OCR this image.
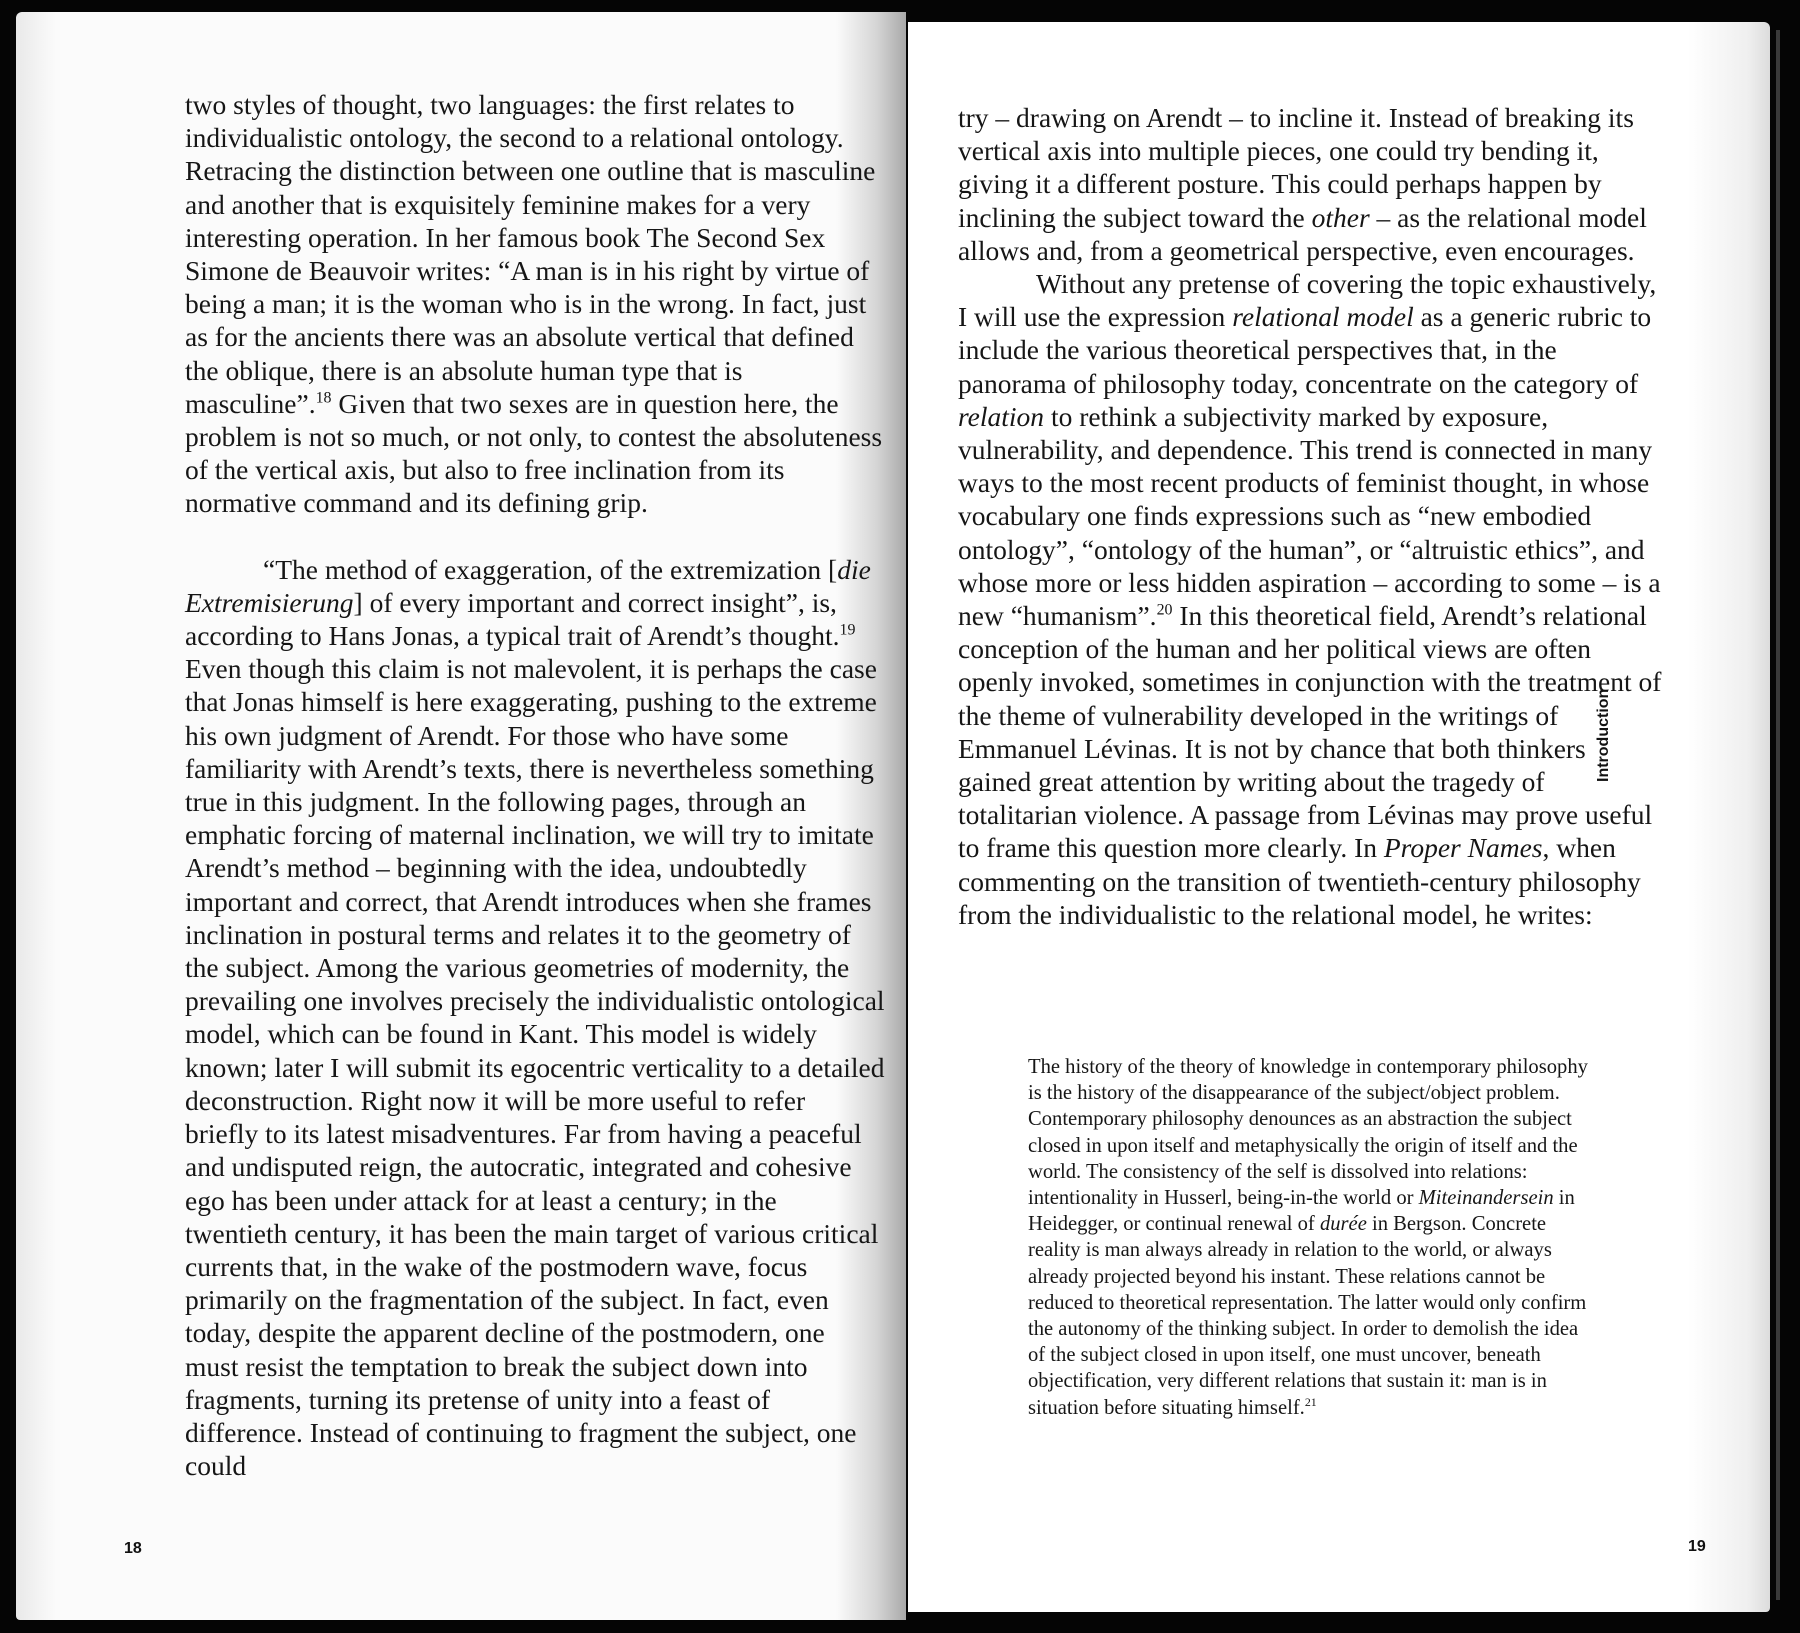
two styles of thought, two languages: the first relates to individualistic ontology, the second to a relational ontology. Retracing the distinction between one outline that is masculine and another that is exquisitely feminine makes for a very interesting operation. In her famous book The Second Sex Simone de Beauvoir writes: “A man is in his right by virtue of being a man; it is the woman who is in the wrong. In fact, just as for the ancients there was an absolute vertical that defined the oblique, there is an absolute human type that is masculine”.$^{18}$ Given that two sexes are in question here, the problem is not so much, or not only, to contest the absoluteness of the vertical axis, but also to free inclination from its normative command and its defining grip.

“The method of exaggeration, of the extremization [die Extremisierung] of every important and correct insight”, is, according to Hans Jonas, a typical trait of Arendt’s thought.$^{19}$ Even though this claim is not malevolent, it is perhaps the case that Jonas himself is here exaggerating, pushing to the extreme his own judgment of Arendt. For those who have some familiarity with Arendt’s texts, there is nevertheless something true in this judgment. In the following pages, through an emphatic forcing of maternal inclination, we will try to imitate Arendt’s method – beginning with the idea, undoubtedly important and correct, that Arendt introduces when she frames inclination in postural terms and relates it to the geometry of the subject. Among the various geometries of modernity, the prevailing one involves precisely the individualistic ontological model, which can be found in Kant. This model is widely known; later I will submit its egocentric verticality to a detailed deconstruction. Right now it will be more useful to refer briefly to its latest misadventures. Far from having a peaceful and undisputed reign, the autocratic, integrated and cohesive ego has been under attack for at least a century; in the twentieth century, it has been the main target of various critical currents that, in the wake of the postmodern wave, focus primarily on the fragmentation of the subject. In fact, even today, despite the apparent decline of the postmodern, one must resist the temptation to break the subject down into fragments, turning its pretense of unity into a feast of difference. Instead of continuing to fragment the subject, one could

18

try – drawing on Arendt – to incline it. Instead of breaking its vertical axis into multiple pieces, one could try bending it, giving it a different posture. This could perhaps happen by inclining the subject toward the other – as the relational model allows and, from a geometrical perspective, even encourages.

Without any pretense of covering the topic exhaustively, I will use the expression relational model as a generic rubric to include the various theoretical perspectives that, in the panorama of philosophy today, concentrate on the category of relation to rethink a subjectivity marked by exposure, vulnerability, and dependence. This trend is connected in many ways to the most recent products of feminist thought, in whose vocabulary one finds expressions such as “new embodied ontology”, “ontology of the human”, or “altruistic ethics”, and whose more or less hidden aspiration – according to some – is a new “humanism”.$^{20}$ In this theoretical field, Arendt’s relational conception of the human and her political views are often openly invoked, sometimes in conjunction with the treatment of the theme of vulnerability developed in the writings of Emmanuel Lévinas. It is not by chance that both thinkers gained great attention by writing about the tragedy of totalitarian violence. A passage from Lévinas may prove useful to frame this question more clearly. In Proper Names, when commenting on the transition of twentieth-century philosophy from the individualistic to the relational model, he writes:

The history of the theory of knowledge in contemporary philosophy is the history of the disappearance of the subject/object problem. Contemporary philosophy denounces as an abstraction the subject closed in upon itself and metaphysically the origin of itself and the world. The consistency of the self is dissolved into relations: intentionality in Husserl, being-in-the world or Miteinandersein in Heidegger, or continual renewal of durée in Bergson. Concrete reality is man always already in relation to the world, or always already projected beyond his instant. These relations cannot be reduced to theoretical representation. The latter would only confirm the autonomy of the thinking subject. In order to demolish the idea of the subject closed in upon itself, one must uncover, beneath objectification, very different relations that sustain it: man is in situation before situating himself.$^{21}$

Introduction
19
